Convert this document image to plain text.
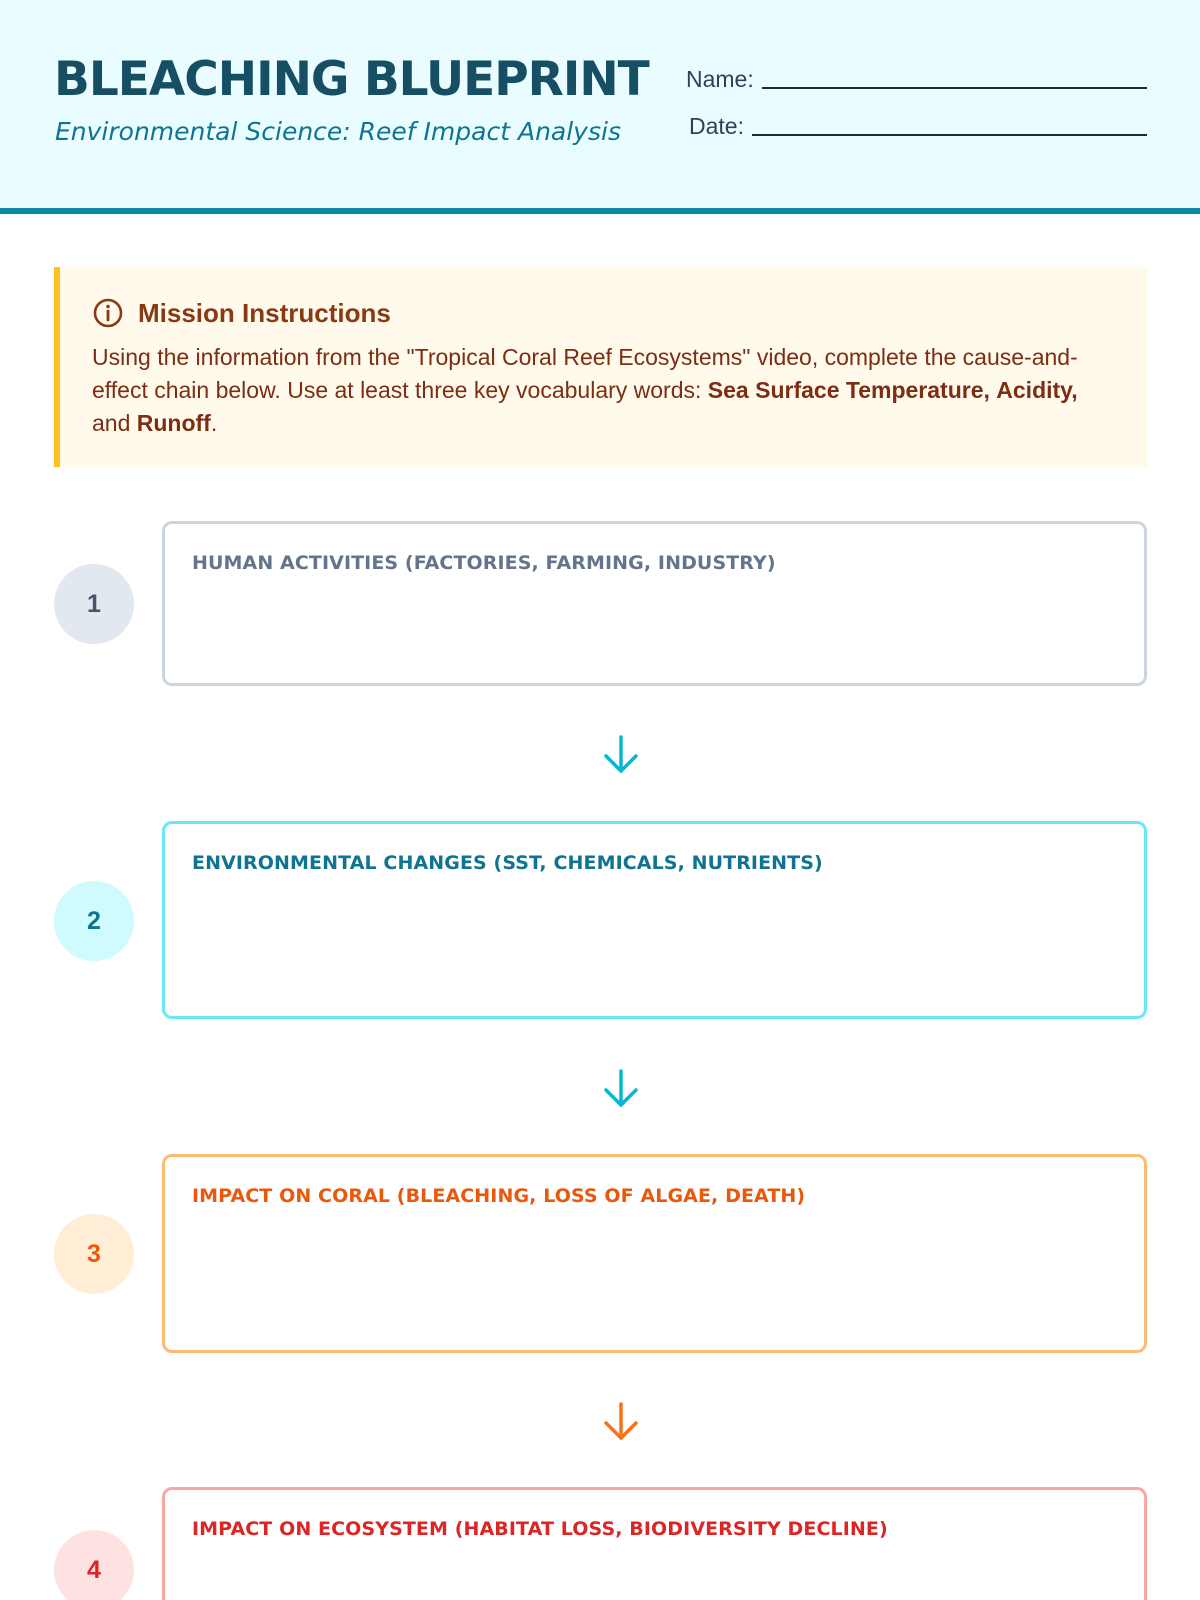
BLEACHING BLUEPRINT
Environmental Science: Reef Impact Analysis
Name:
Date:
Mission Instructions
Using the information from the "Tropical Coral Reef Ecosystems" video, complete the cause-and-effect chain below. Use at least three key vocabulary words: Sea Surface Temperature, Acidity, and Runoff.
1
HUMAN ACTIVITIES (FACTORIES, FARMING, INDUSTRY)
2
ENVIRONMENTAL CHANGES (SST, CHEMICALS, NUTRIENTS)
3
IMPACT ON CORAL (BLEACHING, LOSS OF ALGAE, DEATH)
4
IMPACT ON ECOSYSTEM (HABITAT LOSS, BIODIVERSITY DECLINE)
